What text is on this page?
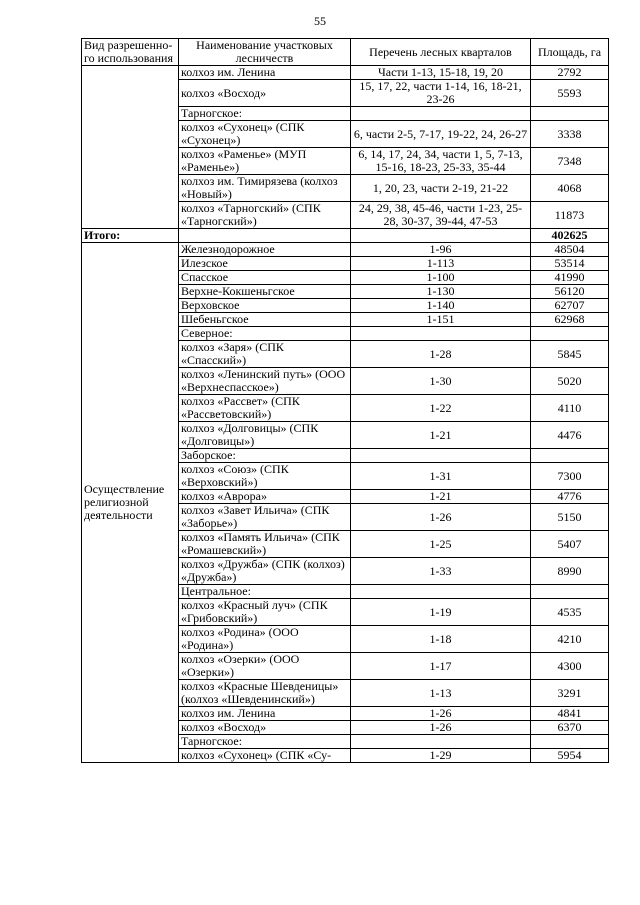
55
Вид разрешенно-го использования	Наименование участковых лесничеств	Перечень лесных кварталов	Площадь, га
	колхоз им. Ленина	Части 1-13, 15-18, 19, 20	2792
	колхоз «Восход»	15, 17, 22, части 1-14, 16, 18-21, 23-26	5593
	Тарногское:		
	колхоз «Сухонец» (СПК «Сухонец»)	6, части 2-5, 7-17, 19-22, 24, 26-27	3338
	колхоз «Раменье» (МУП «Раменье»)	6, 14, 17, 24, 34, части 1, 5, 7-13, 15-16, 18-23, 25-33, 35-44	7348
	колхоз им. Тимирязева (колхоз «Новый»)	1, 20, 23, части 2-19, 21-22	4068
	колхоз «Тарногский» (СПК «Тарногский»)	24, 29, 38, 45-46, части 1-23, 25-28, 30-37, 39-44, 47-53	11873
Итого:			402625
Осуществление религиозной деятельности	Железнодорожное	1-96	48504
	Илезское	1-113	53514
	Спасское	1-100	41990
	Верхне-Кокшеньгское	1-130	56120
	Верховское	1-140	62707
	Шебеньгское	1-151	62968
	Северное:		
	колхоз «Заря» (СПК «Спасский»)	1-28	5845
	колхоз «Ленинский путь» (ООО «Верхнеспасское»)	1-30	5020
	колхоз «Рассвет» (СПК «Рассветовский»)	1-22	4110
	колхоз «Долговицы» (СПК «Долговицы»)	1-21	4476
	Заборское:		
	колхоз «Союз» (СПК «Верховский»)	1-31	7300
	колхоз «Аврора»	1-21	4776
	колхоз «Завет Ильича» (СПК «Заборье»)	1-26	5150
	колхоз «Память Ильича» (СПК «Ромашевский»)	1-25	5407
	колхоз «Дружба» (СПК (колхоз) «Дружба»)	1-33	8990
	Центральное:		
	колхоз «Красный луч» (СПК «Грибовский»)	1-19	4535
	колхоз «Родина» (ООО «Родина»)	1-18	4210
	колхоз «Озерки» (ООО «Озерки»)	1-17	4300
	колхоз «Красные Шевденицы» (колхоз «Шевденинский»)	1-13	3291
	колхоз им. Ленина	1-26	4841
	колхоз «Восход»	1-26	6370
	Тарногское:		
	колхоз «Сухонец» (СПК «Су-	1-29	5954
